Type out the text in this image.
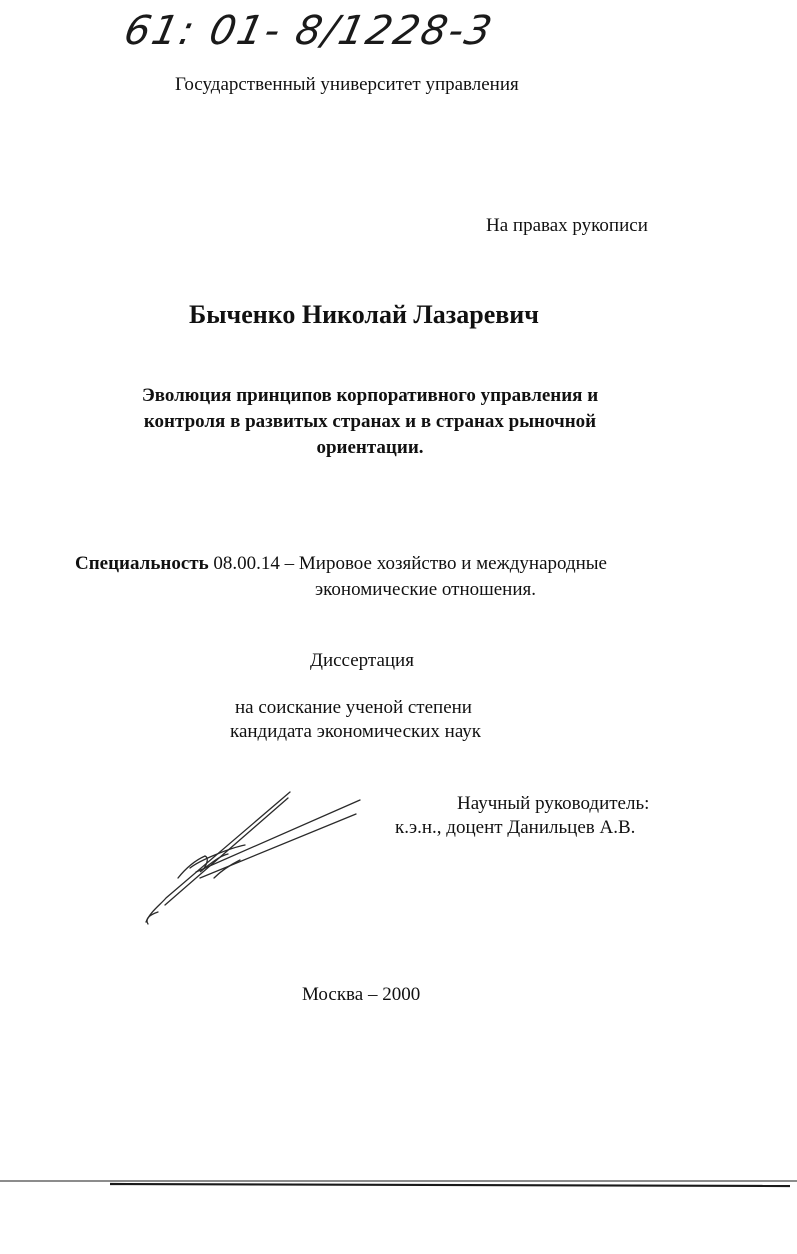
61: 01- 8/1228-3
Государственный университет управления
На правах рукописи
Быченко Николай Лазаревич
Эволюция принципов корпоративного управления и
контроля в развитых странах и в странах рыночной
ориентации.
Специальность 08.00.14 – Мировое хозяйство и международные
экономические отношения.
Диссертация
на соискание ученой степени
кандидата экономических наук
Научный руководитель:
к.э.н., доцент Данильцев А.В.
Москва – 2000
